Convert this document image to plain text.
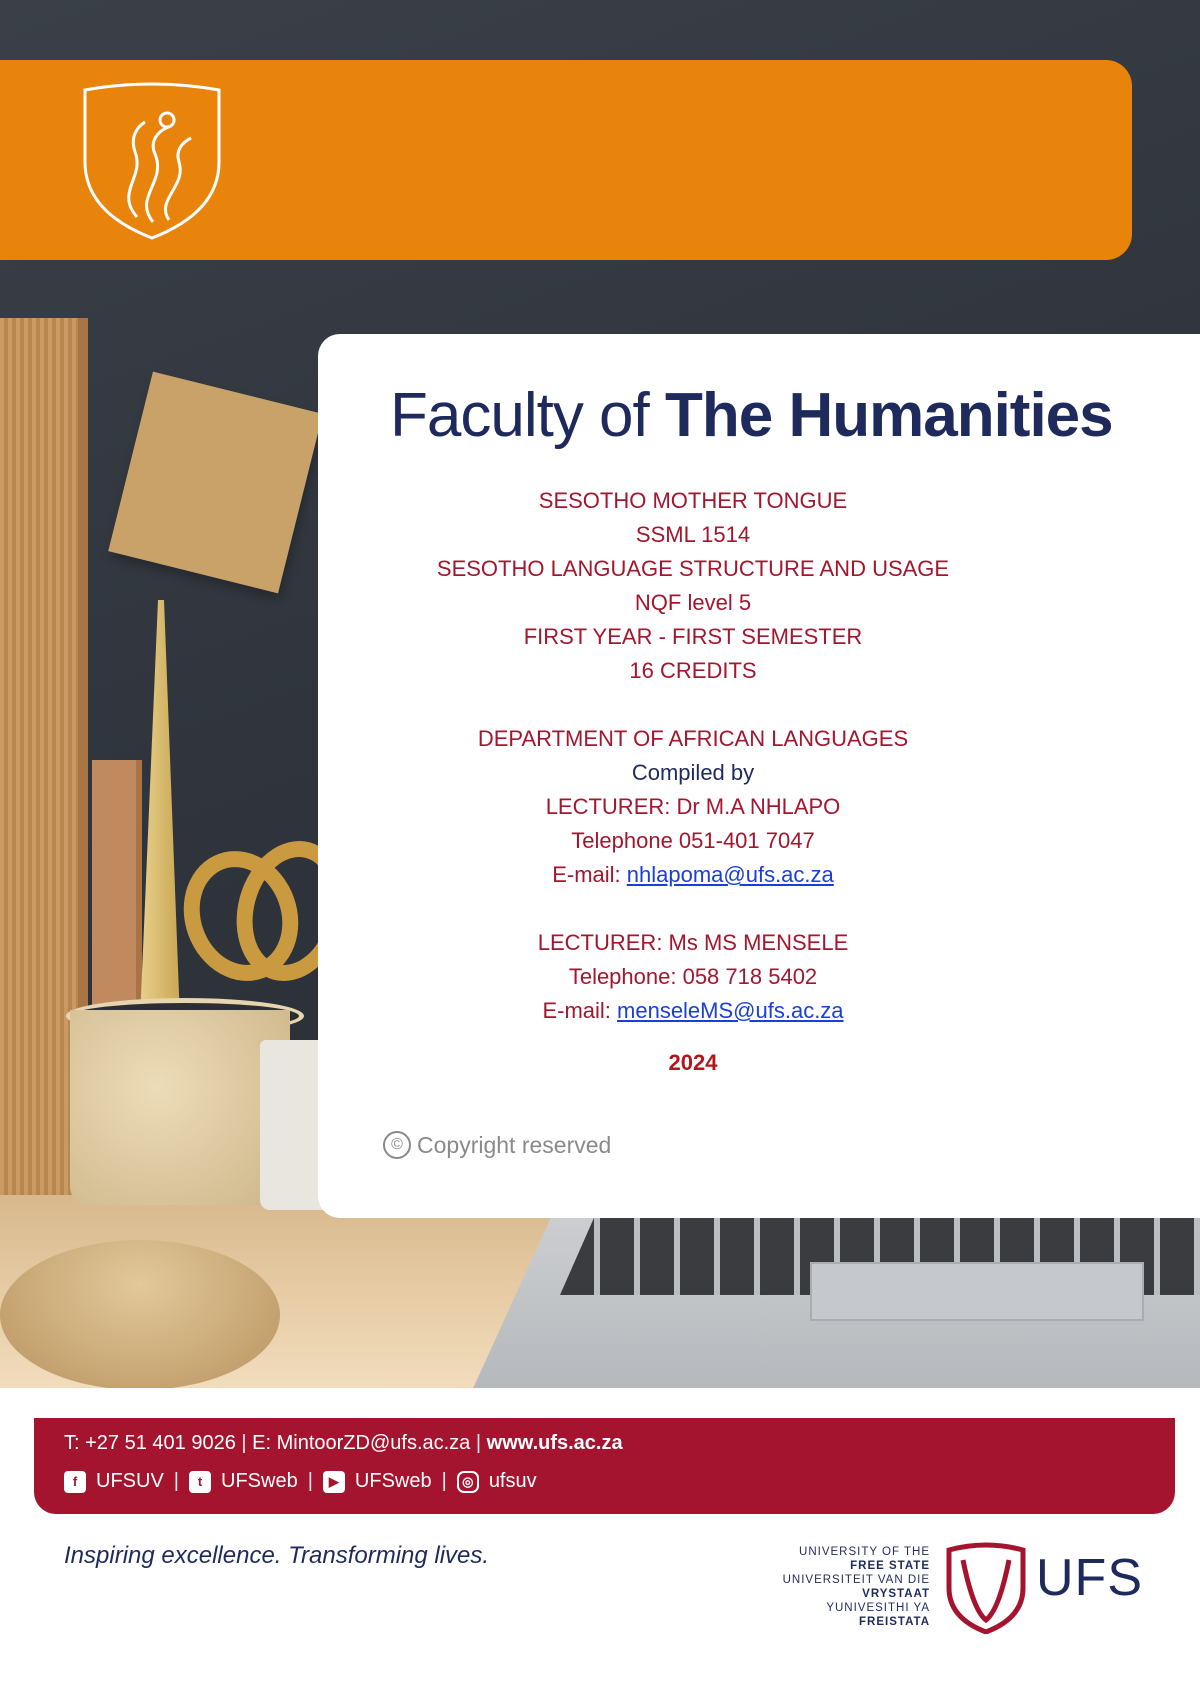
Faculty of The Humanities
SESOTHO MOTHER TONGUE
SSML 1514
SESOTHO LANGUAGE STRUCTURE AND USAGE
NQF level 5
FIRST YEAR - FIRST SEMESTER
16 CREDITS
DEPARTMENT OF AFRICAN LANGUAGES
Compiled by
LECTURER: Dr M.A NHLAPO
Telephone 051-401 7047
E-mail: nhlapoma@ufs.ac.za
LECTURER: Ms MS MENSELE
Telephone: 058 718 5402
E-mail: menseleMS@ufs.ac.za
2024
© Copyright reserved
T: +27 51 401 9026 | E: MintoorZD@ufs.ac.za | www.ufs.ac.za
f UFSUV |	t UFSweb |	▶ UFSweb |	◎ ufsuv
Inspiring excellence. Transforming lives.	UNIVERSITY OF THE
FREE STATE
UNIVERSITEIT VAN DIE
VRYSTAAT
YUNIVESITHI YA
FREISTATA
UFS
